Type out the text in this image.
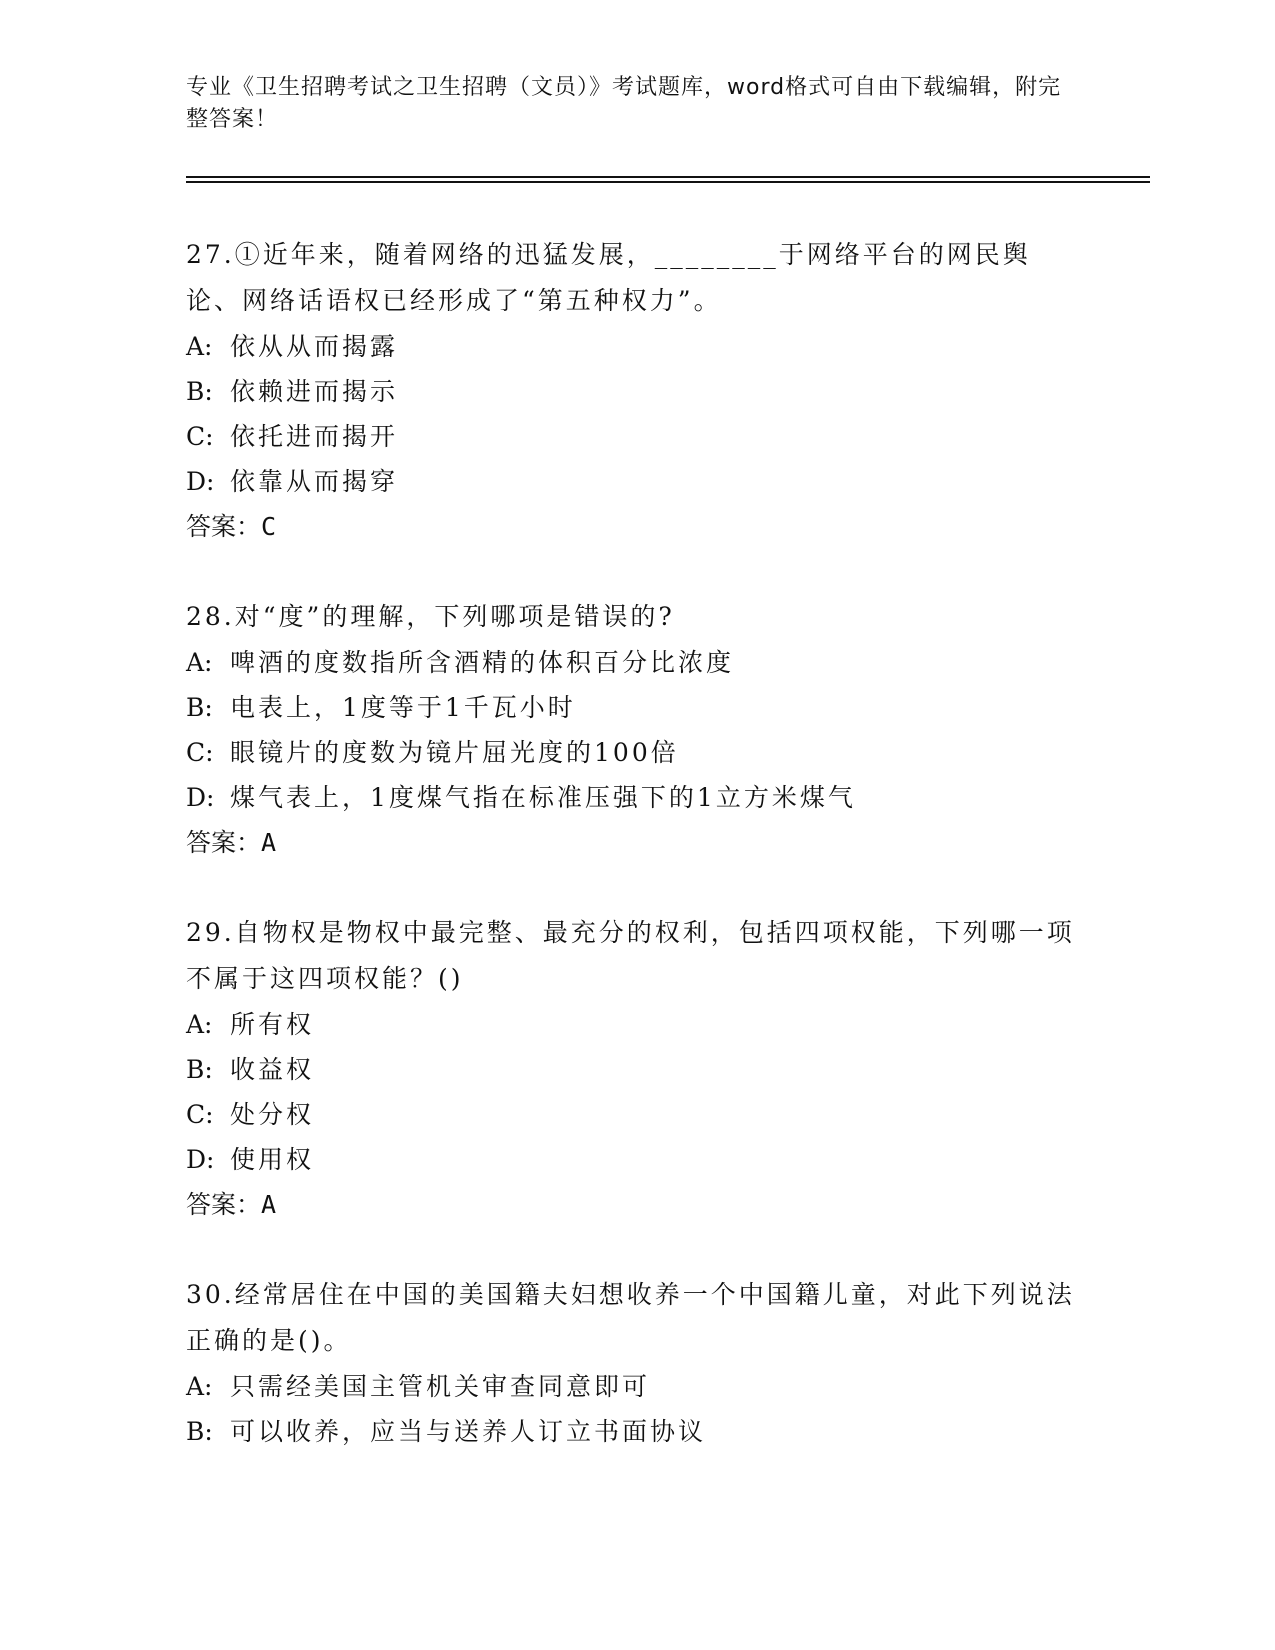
专业《卫生招聘考试之卫生招聘（文员）》考试题库，word格式可自由下载编辑，附完整答案！

27.①近年来，随着网络的迅猛发展，________于网络平台的网民舆论、网络话语权已经形成了“第五种权力”。

A: 依从从而揭露

B: 依赖进而揭示

C: 依托进而揭开

D: 依靠从而揭穿

答案：C

28.对“度”的理解，下列哪项是错误的?

A: 啤酒的度数指所含酒精的体积百分比浓度

B: 电表上，1度等于1千瓦小时

C: 眼镜片的度数为镜片屈光度的100倍

D: 煤气表上，1度煤气指在标准压强下的1立方米煤气

答案：A

29.自物权是物权中最完整、最充分的权利，包括四项权能，下列哪一项不属于这四项权能？()

A: 所有权

B: 收益权

C: 处分权

D: 使用权

答案：A

30.经常居住在中国的美国籍夫妇想收养一个中国籍儿童，对此下列说法正确的是()。

A: 只需经美国主管机关审查同意即可

B: 可以收养，应当与送养人订立书面协议
